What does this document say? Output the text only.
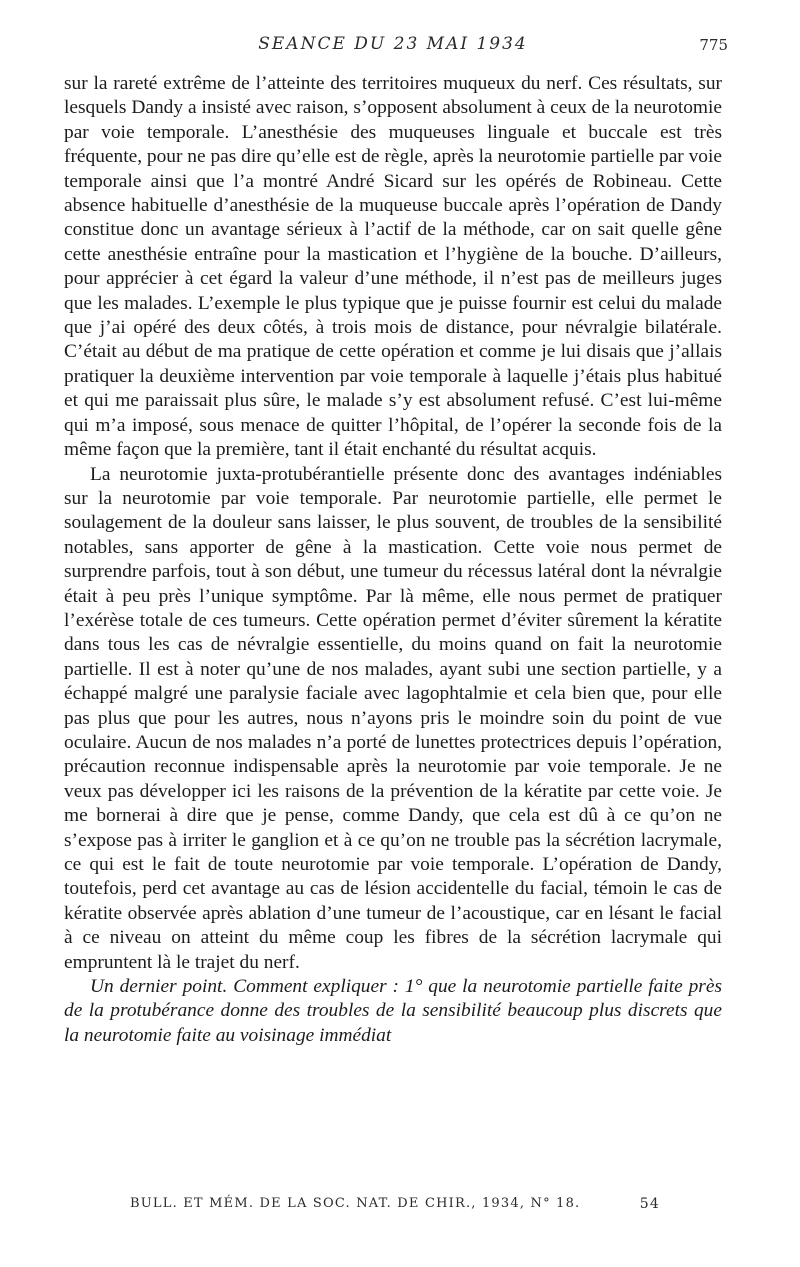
SEANCE DU 23 MAI 1934	775

sur la rareté extrême de l’atteinte des territoires muqueux du nerf. Ces résultats, sur lesquels Dandy a insisté avec raison, s’opposent absolument à ceux de la neurotomie par voie temporale. L’anesthésie des muqueuses linguale et buccale est très fréquente, pour ne pas dire qu’elle est de règle, après la neurotomie partielle par voie temporale ainsi que l’a montré André Sicard sur les opérés de Robineau. Cette absence habituelle d’anesthésie de la muqueuse buccale après l’opération de Dandy constitue donc un avantage sérieux à l’actif de la méthode, car on sait quelle gêne cette anesthésie entraîne pour la mastication et l’hygiène de la bouche. D’ailleurs, pour apprécier à cet égard la valeur d’une méthode, il n’est pas de meilleurs juges que les malades. L’exemple le plus typique que je puisse fournir est celui du malade que j’ai opéré des deux côtés, à trois mois de distance, pour névralgie bilatérale. C’était au début de ma pratique de cette opération et comme je lui disais que j’allais pratiquer la deuxième intervention par voie temporale à laquelle j’étais plus habitué et qui me paraissait plus sûre, le malade s’y est absolument refusé. C’est lui-même qui m’a imposé, sous menace de quitter l’hôpital, de l’opérer la seconde fois de la même façon que la première, tant il était enchanté du résultat acquis.

La neurotomie juxta-protubérantielle présente donc des avantages indéniables sur la neurotomie par voie temporale. Par neurotomie partielle, elle permet le soulagement de la douleur sans laisser, le plus souvent, de troubles de la sensibilité notables, sans apporter de gêne à la mastication. Cette voie nous permet de surprendre parfois, tout à son début, une tumeur du récessus latéral dont la névralgie était à peu près l’unique symptôme. Par là même, elle nous permet de pratiquer l’exérèse totale de ces tumeurs. Cette opération permet d’éviter sûrement la kératite dans tous les cas de névralgie essentielle, du moins quand on fait la neurotomie partielle. Il est à noter qu’une de nos malades, ayant subi une section partielle, y a échappé malgré une paralysie faciale avec lagophtalmie et cela bien que, pour elle pas plus que pour les autres, nous n’ayons pris le moindre soin du point de vue oculaire. Aucun de nos malades n’a porté de lunettes protectrices depuis l’opération, précaution reconnue indispensable après la neurotomie par voie temporale. Je ne veux pas développer ici les raisons de la prévention de la kératite par cette voie. Je me bornerai à dire que je pense, comme Dandy, que cela est dû à ce qu’on ne s’expose pas à irriter le ganglion et à ce qu’on ne trouble pas la sécrétion lacrymale, ce qui est le fait de toute neurotomie par voie temporale. L’opération de Dandy, toutefois, perd cet avantage au cas de lésion accidentelle du facial, témoin le cas de kératite observée après ablation d’une tumeur de l’acoustique, car en lésant le facial à ce niveau on atteint du même coup les fibres de la sécrétion lacrymale qui empruntent là le trajet du nerf.

Un dernier point. Comment expliquer : 1° que la neurotomie partielle faite près de la protubérance donne des troubles de la sensibilité beaucoup plus discrets que la neurotomie faite au voisinage immédiat

BULL. ET MÉM. DE LA SOC. NAT. DE CHIR., 1934, N° 18.	54
